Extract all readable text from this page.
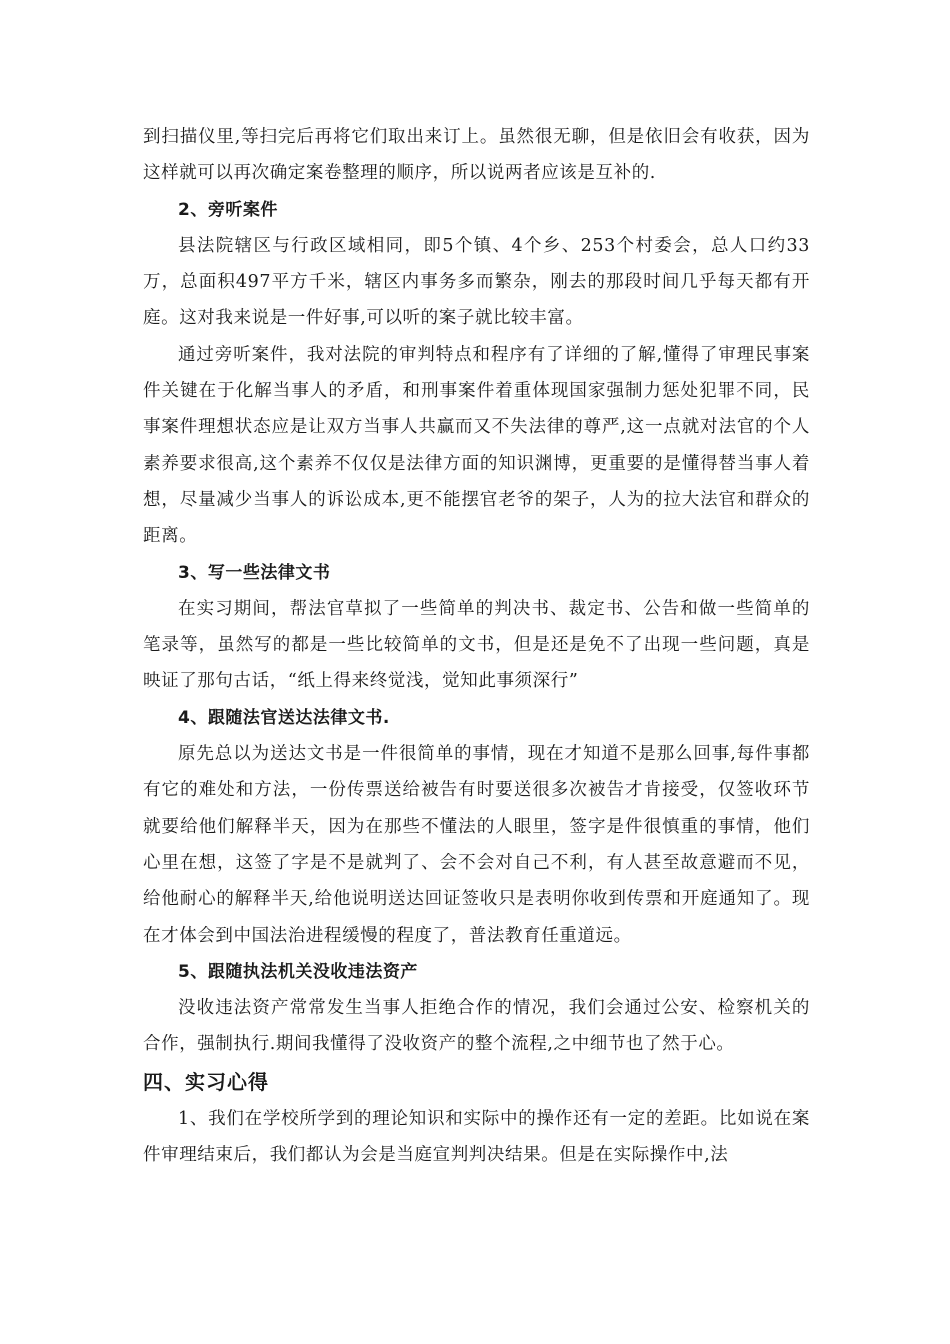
到扫描仪里,等扫完后再将它们取出来订上。虽然很无聊，但是依旧会有收获，因为这样就可以再次确定案卷整理的顺序，所以说两者应该是互补的.

2、旁听案件

县法院辖区与行政区域相同，即5个镇、4个乡、253个村委会，总人口约33万，总面积497平方千米，辖区内事务多而繁杂，刚去的那段时间几乎每天都有开庭。这对我来说是一件好事,可以听的案子就比较丰富。

通过旁听案件，我对法院的审判特点和程序有了详细的了解,懂得了审理民事案件关键在于化解当事人的矛盾，和刑事案件着重体现国家强制力惩处犯罪不同，民事案件理想状态应是让双方当事人共赢而又不失法律的尊严,这一点就对法官的个人素养要求很高,这个素养不仅仅是法律方面的知识渊博，更重要的是懂得替当事人着想，尽量减少当事人的诉讼成本,更不能摆官老爷的架子，人为的拉大法官和群众的距离。

3、写一些法律文书

在实习期间，帮法官草拟了一些简单的判决书、裁定书、公告和做一些简单的笔录等，虽然写的都是一些比较简单的文书，但是还是免不了出现一些问题，真是映证了那句古话，“纸上得来终觉浅，觉知此事须深行”

4、跟随法官送达法律文书.

原先总以为送达文书是一件很简单的事情，现在才知道不是那么回事,每件事都有它的难处和方法，一份传票送给被告有时要送很多次被告才肯接受，仅签收环节就要给他们解释半天，因为在那些不懂法的人眼里，签字是件很慎重的事情，他们心里在想，这签了字是不是就判了、会不会对自己不利，有人甚至故意避而不见，给他耐心的解释半天,给他说明送达回证签收只是表明你收到传票和开庭通知了。现在才体会到中国法治进程缓慢的程度了，普法教育任重道远。

5、跟随执法机关没收违法资产

没收违法资产常常发生当事人拒绝合作的情况，我们会通过公安、检察机关的合作，强制执行.期间我懂得了没收资产的整个流程,之中细节也了然于心。

四、实习心得

1、我们在学校所学到的理论知识和实际中的操作还有一定的差距。比如说在案件审理结束后，我们都认为会是当庭宣判判决结果。但是在实际操作中,法
